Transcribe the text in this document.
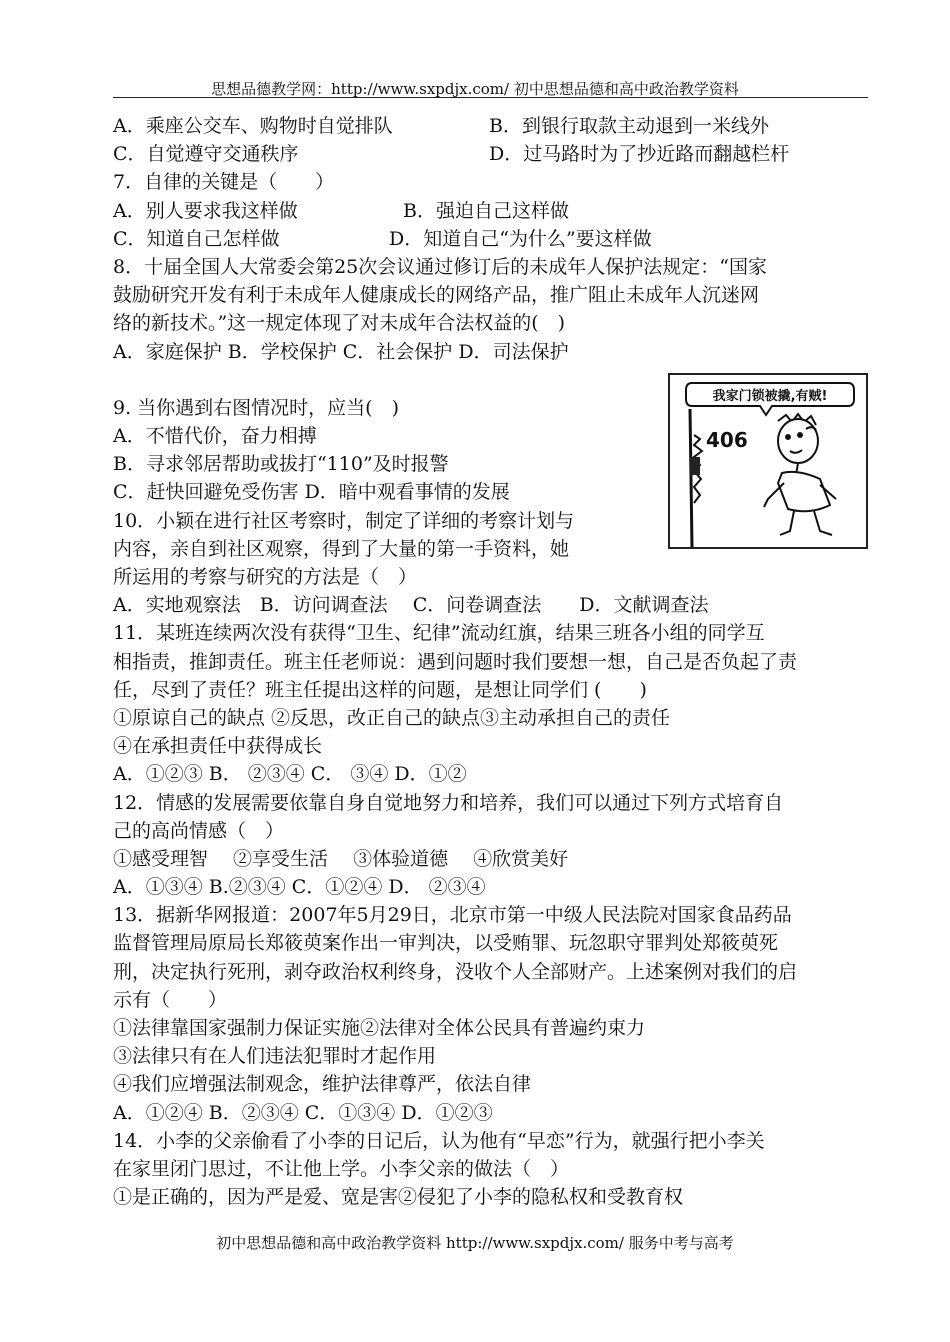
思想品德教学网：http://www.sxpdjx.com/ 初中思想品德和高中政治教学资料
A．乘座公交车、购物时自觉排队	B．到银行取款主动退到一米线外
C．自觉遵守交通秩序	D．过马路时为了抄近路而翻越栏杆
7．自律的关键是（　　）
A．别人要求我这样做	B．强迫自己这样做
C．知道自己怎样做	D．知道自己“为什么”要这样做
8．十届全国人大常委会第25次会议通过修订后的未成年人保护法规定：“国家
鼓励研究开发有利于未成年人健康成长的网络产品，推广阻止未成年人沉迷网
络的新技术。”这一规定体现了对未成年合法权益的(　)
A．家庭保护 B．学校保护 C．社会保护 D．司法保护
9. 当你遇到右图情况时，应当(　)
A．不惜代价，奋力相搏
B．寻求邻居帮助或拔打“110”及时报警
C．赶快回避免受伤害 D．暗中观看事情的发展
10．小颖在进行社区考察时，制定了详细的考察计划与
内容，亲自到社区观察，得到了大量的第一手资料，她
所运用的考察与研究的方法是（　）
A．实地观察法　B．访问调查法　 C．问卷调查法　　D．文献调查法
11．某班连续两次没有获得“卫生、纪律”流动红旗，结果三班各小组的同学互
相指责，推卸责任。班主任老师说：遇到问题时我们要想一想，自己是否负起了责
任，尽到了责任？班主任提出这样的问题，是想让同学们 (　　)
①原谅自己的缺点 ②反思，改正自己的缺点③主动承担自己的责任
④在承担责任中获得成长
A．①②③ B． ②③④ C． ③④ D．①②
12．情感的发展需要依靠自身自觉地努力和培养，我们可以通过下列方式培育自
己的高尚情感（　）
①感受理智　 ②享受生活　 ③体验道德　 ④欣赏美好
A．①③④ B.②③④ C．①②④ D． ②③④
13．据新华网报道：2007年5月29日，北京市第一中级人民法院对国家食品药品
监督管理局原局长郑筱萸案作出一审判决，以受贿罪、玩忽职守罪判处郑筱萸死
刑，决定执行死刑，剥夺政治权利终身，没收个人全部财产。上述案例对我们的启
示有（　　）
①法律靠国家强制力保证实施②法律对全体公民具有普遍约束力
③法律只有在人们违法犯罪时才起作用
④我们应增强法制观念，维护法律尊严，依法自律
A．①②④ B．②③④ C．①③④ D．①②③
14．小李的父亲偷看了小李的日记后，认为他有“早恋”行为，就强行把小李关
在家里闭门思过，不让他上学。小李父亲的做法（　）
①是正确的，因为严是爱、宽是害②侵犯了小李的隐私权和受教育权
我家门锁被撬,有贼!
406
初中思想品德和高中政治教学资料 http://www.sxpdjx.com/ 服务中考与高考
